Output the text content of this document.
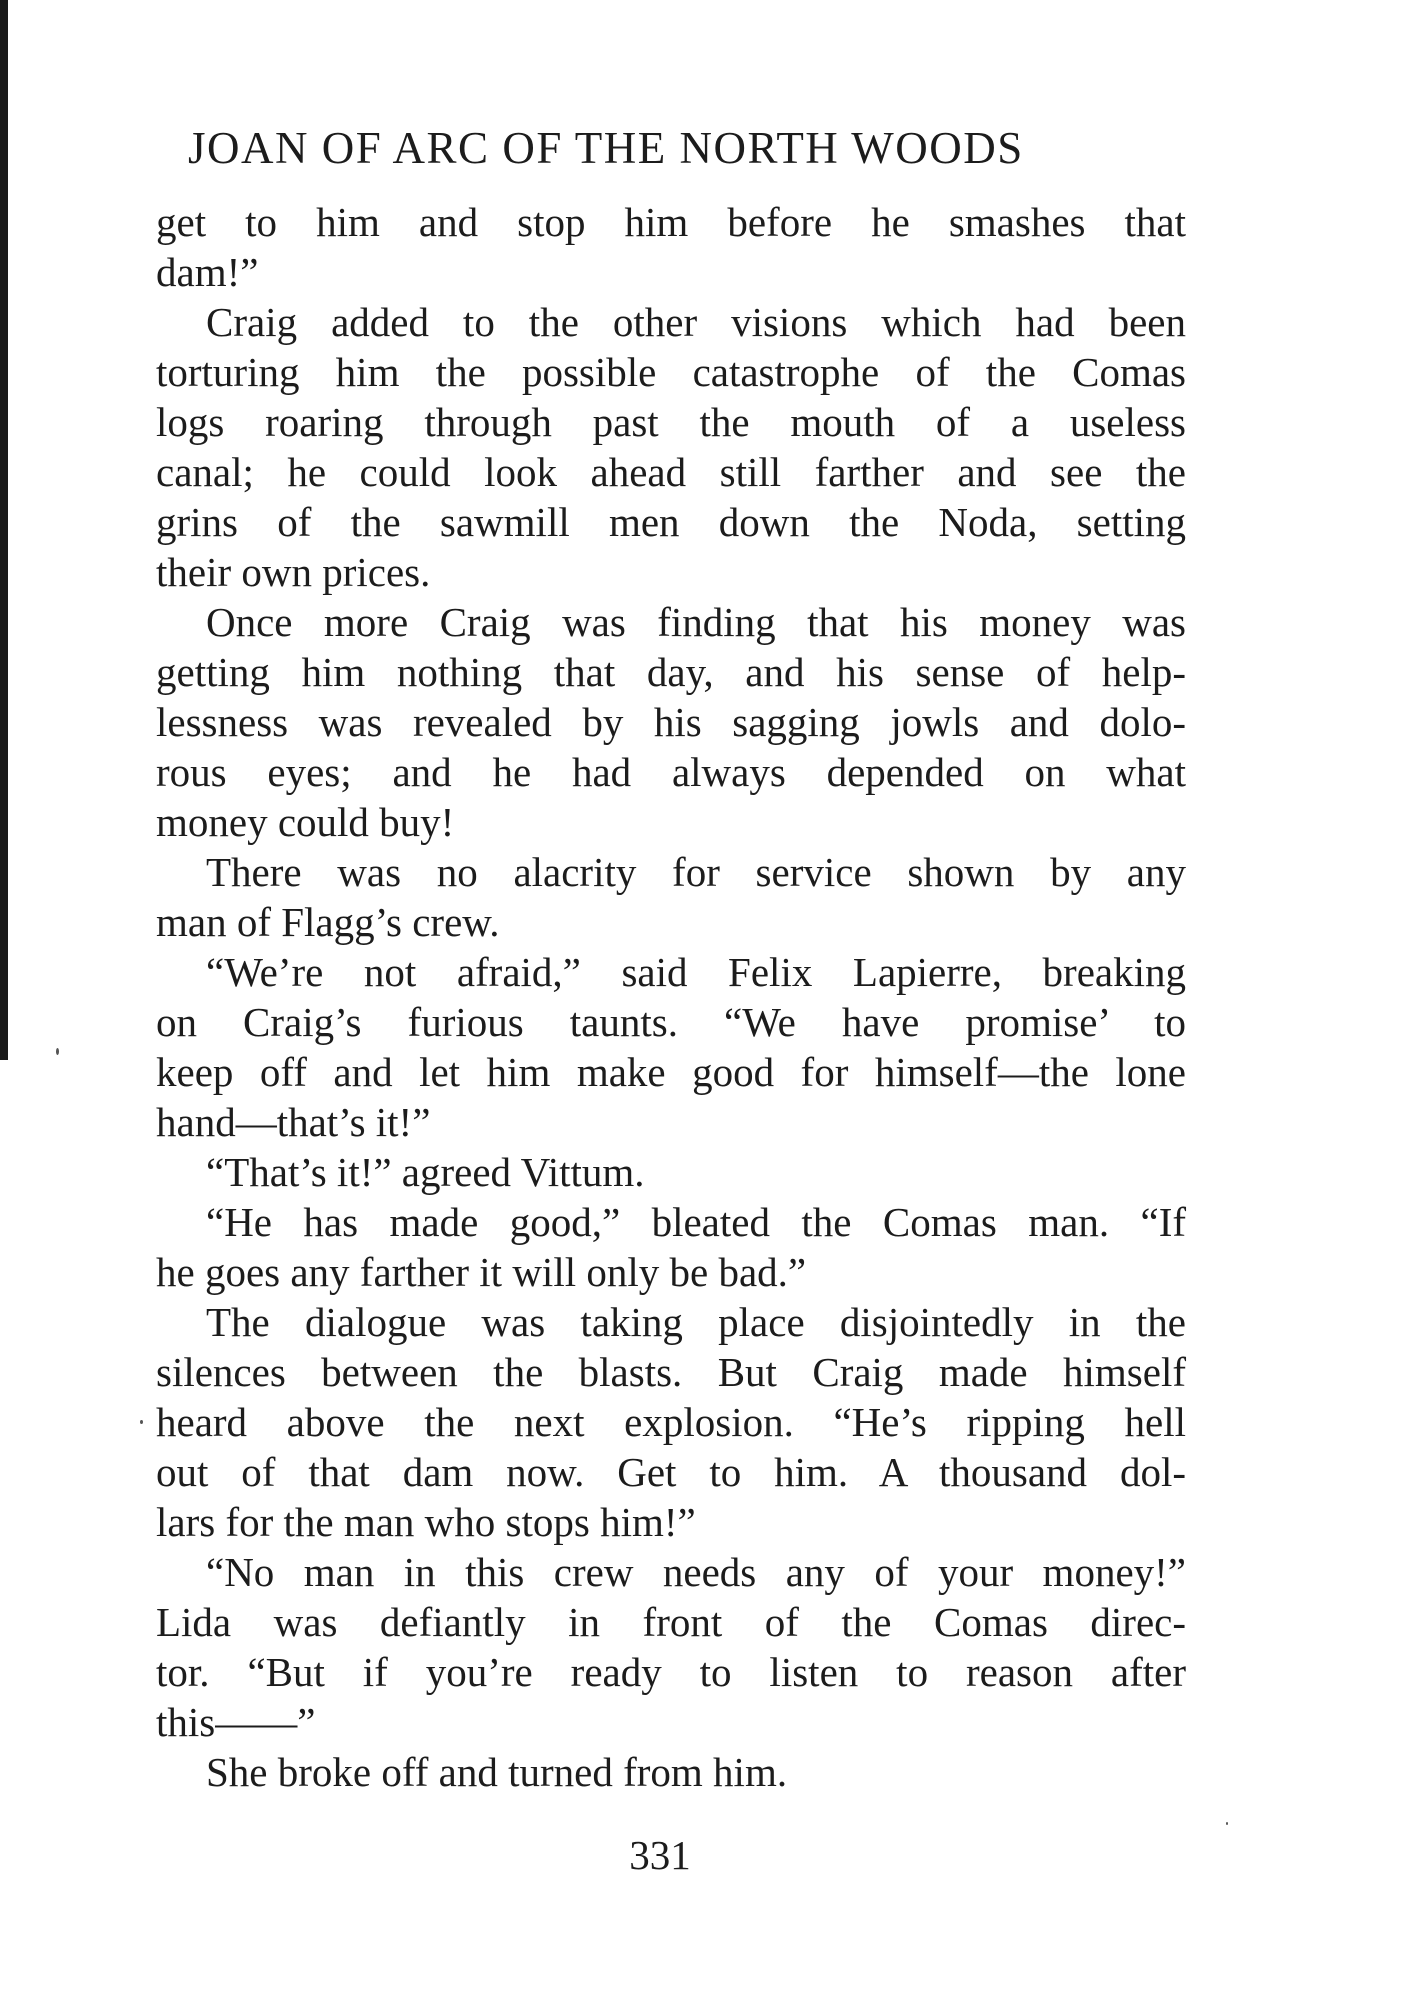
JOAN OF ARC OF THE NORTH WOODS
get to him and stop him before he smashes that
dam!”
Craig added to the other visions which had been
torturing him the possible catastrophe of the Comas
logs roaring through past the mouth of a useless
canal; he could look ahead still farther and see the
grins of the sawmill men down the Noda, setting
their own prices.
Once more Craig was finding that his money was
getting him nothing that day, and his sense of help-
lessness was revealed by his sagging jowls and dolo-
rous eyes; and he had always depended on what
money could buy!
There was no alacrity for service shown by any
man of Flagg’s crew.
“We’re not afraid,” said Felix Lapierre, breaking
on Craig’s furious taunts. “We have promise’ to
keep off and let him make good for himself—the lone
hand—that’s it!”
“That’s it!” agreed Vittum.
“He has made good,” bleated the Comas man. “If
he goes any farther it will only be bad.”
The dialogue was taking place disjointedly in the
silences between the blasts. But Craig made himself
heard above the next explosion. “He’s ripping hell
out of that dam now. Get to him. A thousand dol-
lars for the man who stops him!”
“No man in this crew needs any of your money!”
Lida was defiantly in front of the Comas direc-
tor. “But if you’re ready to listen to reason after
this——”
She broke off and turned from him.
331
